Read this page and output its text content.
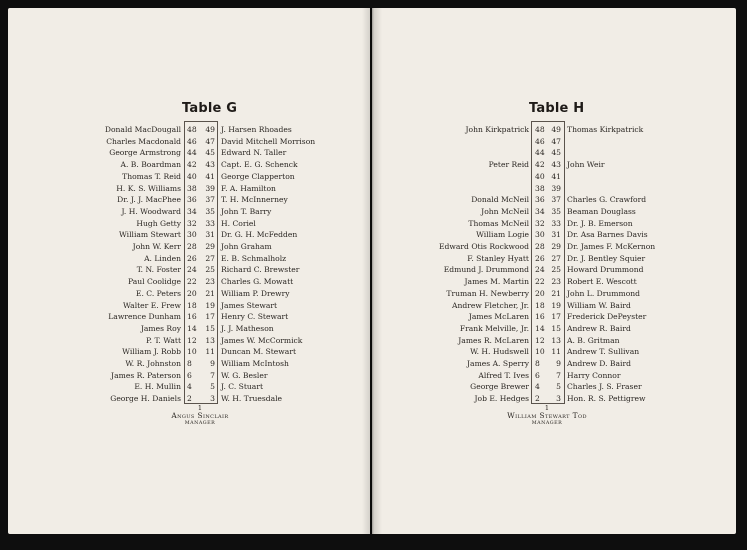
Table G
Donald MacDougall 48 49 J. Harsen Rhoades
Charles Macdonald 46 47 David Mitchell Morrison
George Armstrong 44 45 Edward N. Taller
A. B. Boardman 42 43 Capt. E. G. Schenck
Thomas T. Reid 40 41 George Clapperton
H. K. S. Williams 38 39 F. A. Hamilton
Dr. J. J. MacPhee 36 37 T. H. McInnerney
J. H. Woodward 34 35 John T. Barry
Hugh Getty 32 33 H. Coriel
William Stewart 30 31 Dr. G. H. McFedden
John W. Kerr 28 29 John Graham
A. Linden 26 27 E. B. Schmalholz
T. N. Foster 24 25 Richard C. Brewster
Paul Coolidge 22 23 Charles G. Mowatt
E. C. Peters 20 21 William P. Drewry
Walter E. Frew 18 19 James Stewart
Lawrence Dunham 16 17 Henry C. Stewart
James Roy 14 15 J. J. Matheson
P. T. Watt 12 13 James W. McCormick
William J. Robb 10 11 Duncan M. Stewart
W. R. Johnston 8 9 William McIntosh
James R. Paterson 6 7 W. G. Besler
E. H. Mullin 4 5 J. C. Stuart
George H. Daniels 2 3 W. H. Truesdale
1
Angus Sinclair
MANAGER
Table H
John Kirkpatrick 48 49 Thomas Kirkpatrick
46 47
44 45
Peter Reid 42 43 John Weir
40 41
38 39
Donald McNeil 36 37 Charles G. Crawford
John McNeil 34 35 Beaman Douglass
Thomas McNeil 32 33 Dr. J. B. Emerson
William Logie 30 31 Dr. Asa Barnes Davis
Edward Otis Rockwood 28 29 Dr. James F. McKernon
F. Stanley Hyatt 26 27 Dr. J. Bentley Squier
Edmund J. Drummond 24 25 Howard Drummond
James M. Martin 22 23 Robert E. Wescott
Truman H. Newberry 20 21 John L. Drummond
Andrew Fletcher, Jr. 18 19 William W. Baird
James McLaren 16 17 Frederick DePeyster
Frank Melville, Jr. 14 15 Andrew R. Baird
James R. McLaren 12 13 A. B. Gritman
W. H. Hudswell 10 11 Andrew T. Sullivan
James A. Sperry 8 9 Andrew D. Baird
Alfred T. Ives 6 7 Harry Connor
George Brewer 4 5 Charles J. S. Fraser
Job E. Hedges 2 3 Hon. R. S. Pettigrew
1
William Stewart Tod
MANAGER
